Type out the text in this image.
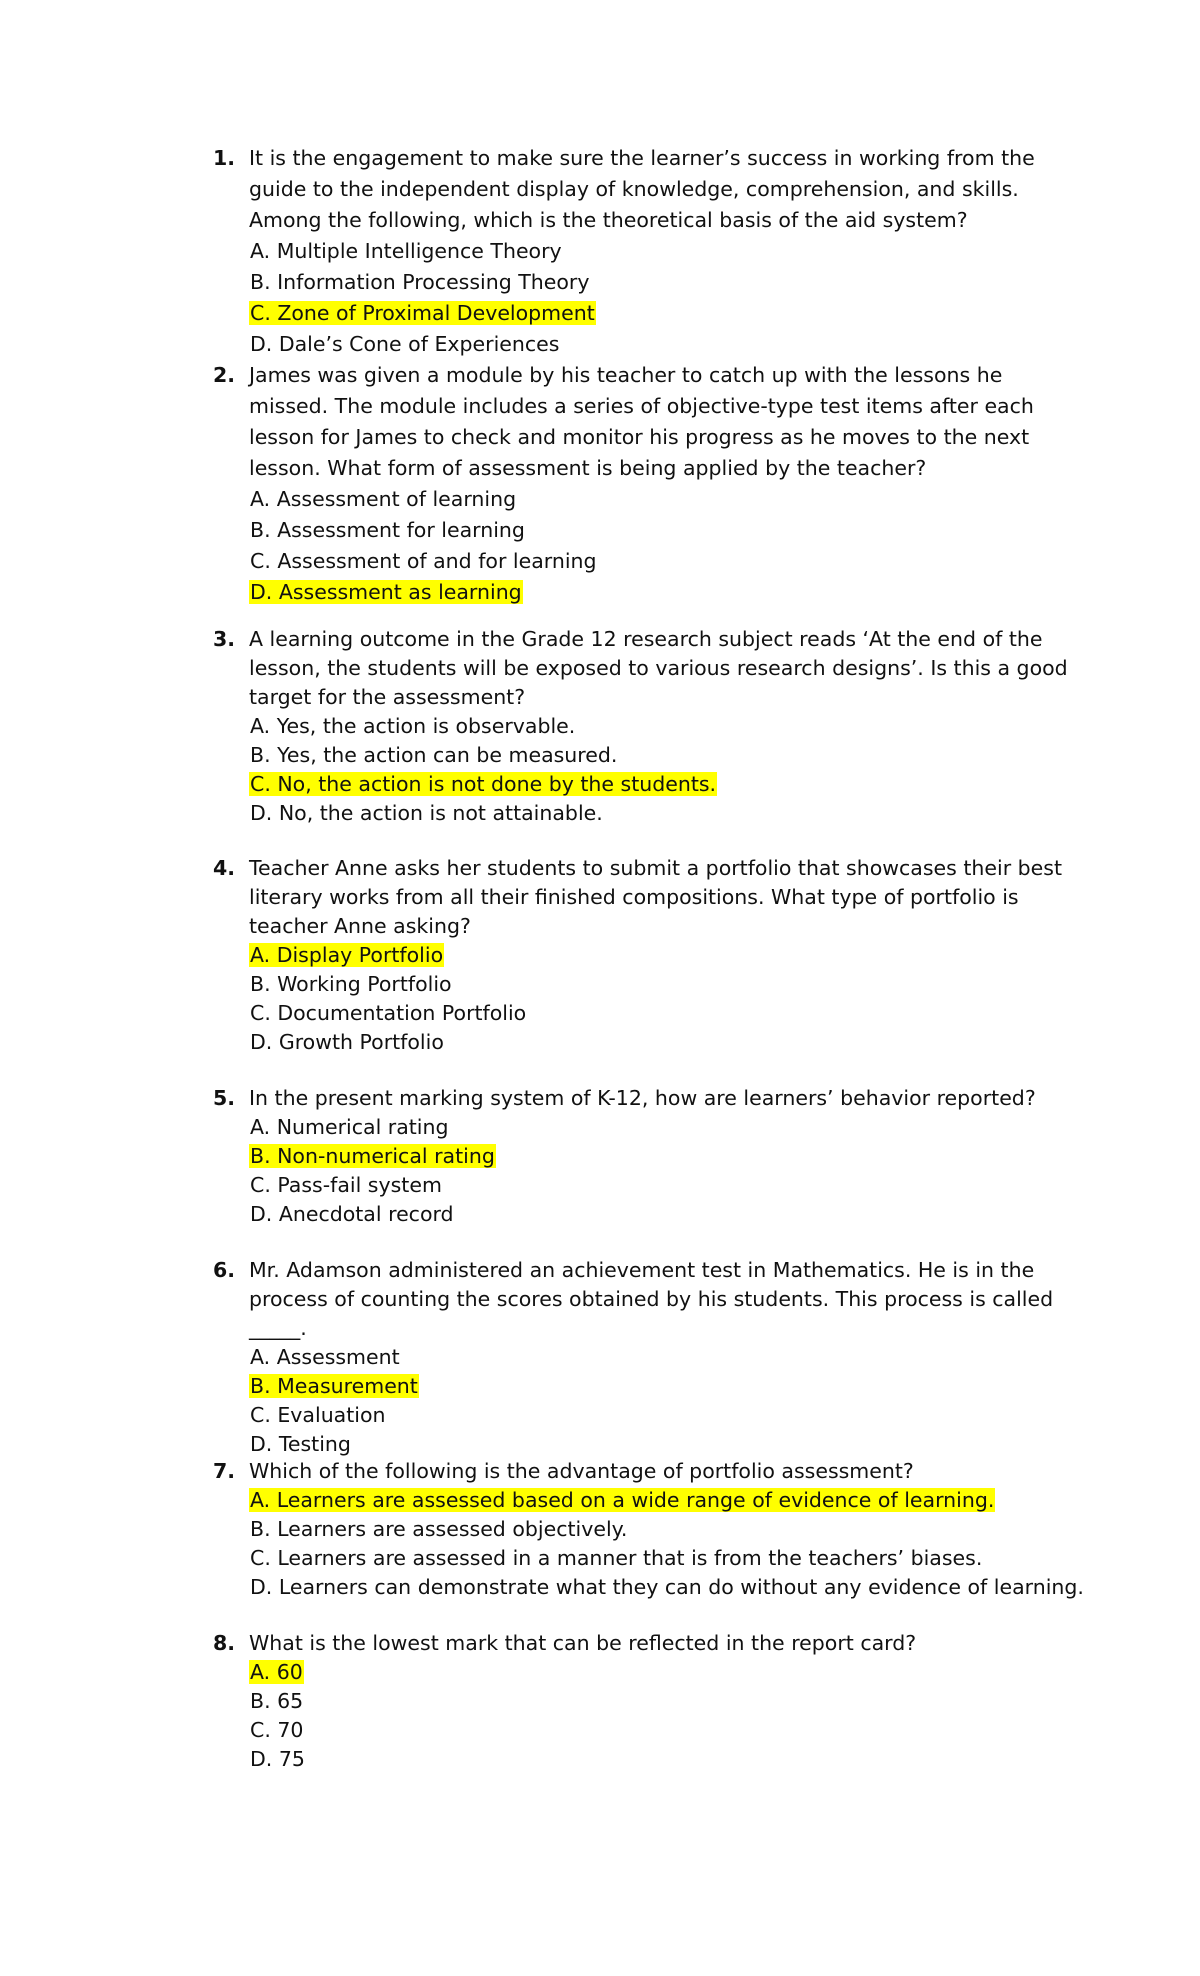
1. It is the engagement to make sure the learner’s success in working from the guide to the independent display of knowledge, comprehension, and skills. Among the following, which is the theoretical basis of the aid system?
A. Multiple Intelligence Theory
B. Information Processing Theory
C. Zone of Proximal Development
D. Dale’s Cone of Experiences
2. James was given a module by his teacher to catch up with the lessons he missed. The module includes a series of objective-type test items after each lesson for James to check and monitor his progress as he moves to the next lesson. What form of assessment is being applied by the teacher?
A. Assessment of learning
B. Assessment for learning
C. Assessment of and for learning
D. Assessment as learning
3. A learning outcome in the Grade 12 research subject reads ‘At the end of the lesson, the students will be exposed to various research designs’. Is this a good target for the assessment?
A. Yes, the action is observable.
B. Yes, the action can be measured.
C. No, the action is not done by the students.
D. No, the action is not attainable.
4. Teacher Anne asks her students to submit a portfolio that showcases their best literary works from all their finished compositions. What type of portfolio is teacher Anne asking?
A. Display Portfolio
B. Working Portfolio
C. Documentation Portfolio
D. Growth Portfolio
5. In the present marking system of K-12, how are learners’ behavior reported?
A. Numerical rating
B. Non-numerical rating
C. Pass-fail system
D. Anecdotal record
6. Mr. Adamson administered an achievement test in Mathematics. He is in the process of counting the scores obtained by his students. This process is called _____.
A. Assessment
B. Measurement
C. Evaluation
D. Testing
7. Which of the following is the advantage of portfolio assessment?
A. Learners are assessed based on a wide range of evidence of learning.
B. Learners are assessed objectively.
C. Learners are assessed in a manner that is from the teachers’ biases.
D. Learners can demonstrate what they can do without any evidence of learning.
8. What is the lowest mark that can be reflected in the report card?
A. 60
B. 65
C. 70
D. 75
